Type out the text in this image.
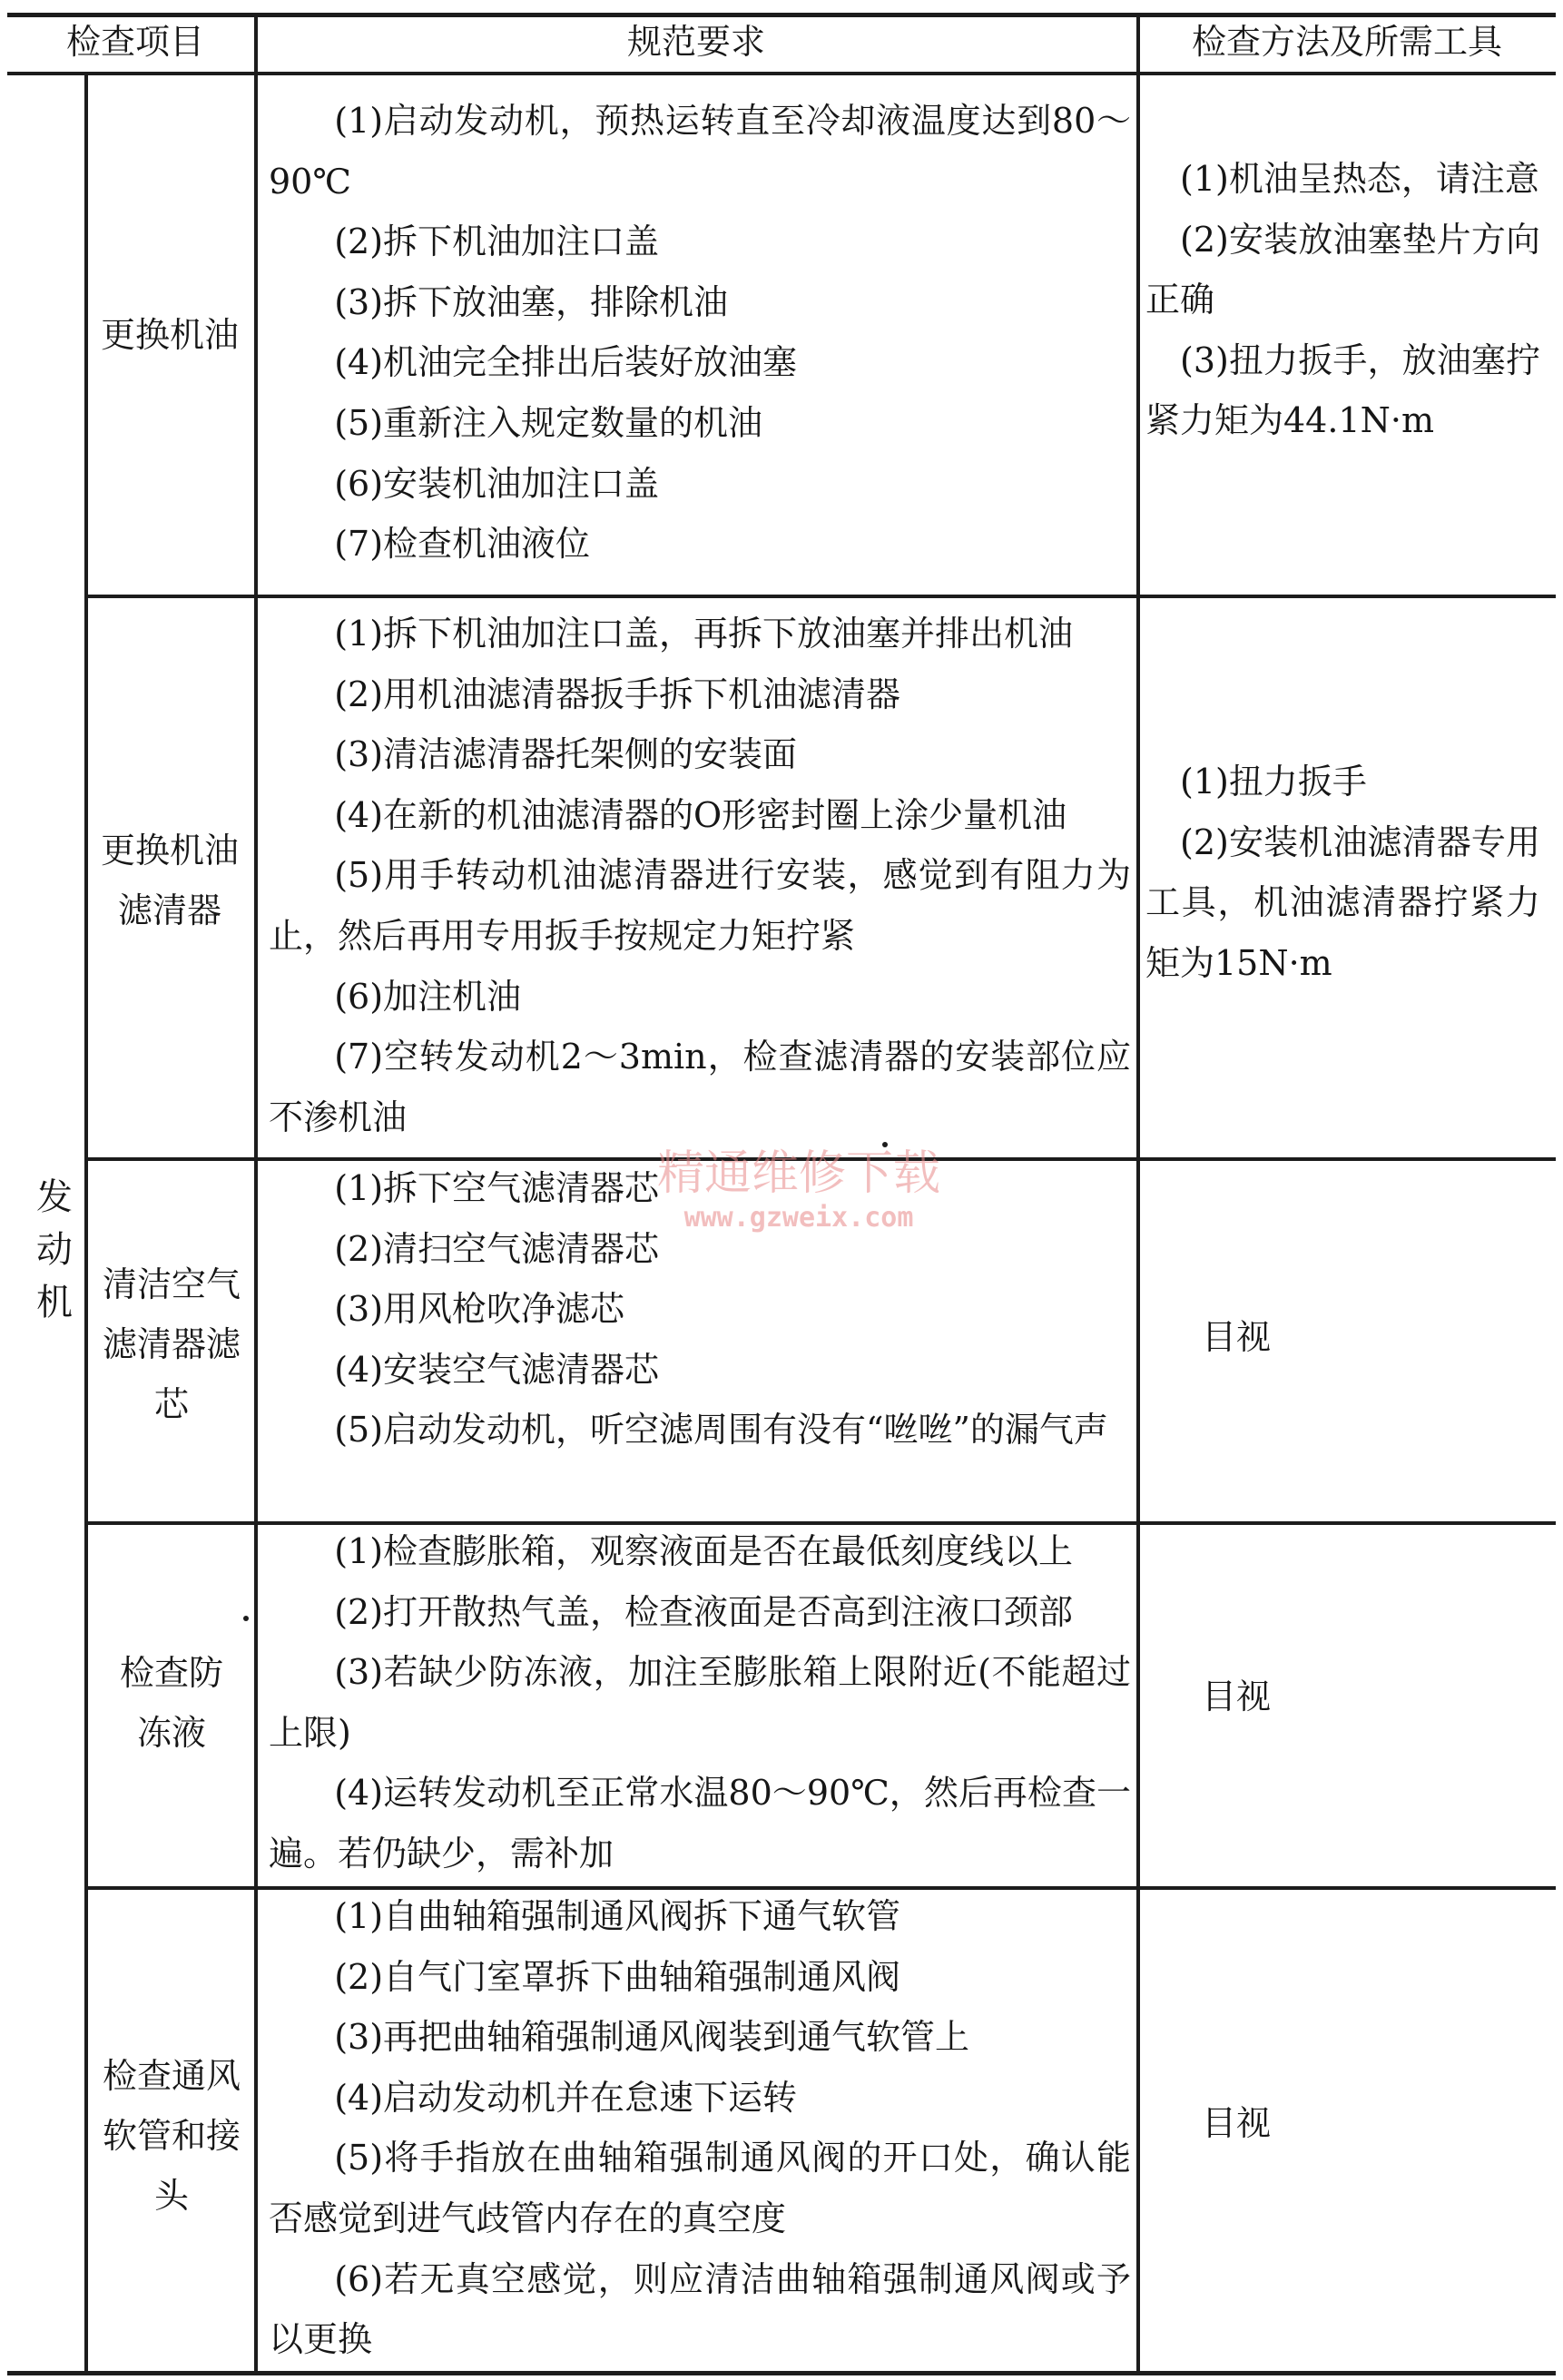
检查项目	规范要求	检查方法及所需工具
发动机
更换机油

(1)启动发动机，预热运转直至冷却液温度达到80～90℃

(2)拆下机油加注口盖

(3)拆下放油塞，排除机油

(4)机油完全排出后装好放油塞

(5)重新注入规定数量的机油

(6)安装机油加注口盖

(7)检查机油液位

(1)机油呈热态，请注意

(2)安装放油塞垫片方向正确

(3)扭力扳手，放油塞拧紧力矩为44.1N·m

更换机油滤清器

(1)拆下机油加注口盖，再拆下放油塞并排出机油

(2)用机油滤清器扳手拆下机油滤清器

(3)清洁滤清器托架侧的安装面

(4)在新的机油滤清器的O形密封圈上涂少量机油

(5)用手转动机油滤清器进行安装，感觉到有阻力为止，然后再用专用扳手按规定力矩拧紧

(6)加注机油

(7)空转发动机2～3min，检查滤清器的安装部位应不渗机油

(1)扭力扳手

(2)安装机油滤清器专用工具，机油滤清器拧紧力矩为15N·m

清洁空气滤清器滤芯

(1)拆下空气滤清器芯

(2)清扫空气滤清器芯

(3)用风枪吹净滤芯

(4)安装空气滤清器芯

(5)启动发动机，听空滤周围有没有“咝咝”的漏气声

目视
检查防冻液

(1)检查膨胀箱，观察液面是否在最低刻度线以上

(2)打开散热气盖，检查液面是否高到注液口颈部

(3)若缺少防冻液，加注至膨胀箱上限附近(不能超过上限)

(4)运转发动机至正常水温80～90℃，然后再检查一遍。若仍缺少，需补加

目视
检查通风软管和接头

(1)自曲轴箱强制通风阀拆下通气软管

(2)自气门室罩拆下曲轴箱强制通风阀

(3)再把曲轴箱强制通风阀装到通气软管上

(4)启动发动机并在怠速下运转

(5)将手指放在曲轴箱强制通风阀的开口处，确认能否感觉到进气歧管内存在的真空度

(6)若无真空感觉，则应清洁曲轴箱强制通风阀或予以更换

目视
精通维修下载
www.gzweix.com
